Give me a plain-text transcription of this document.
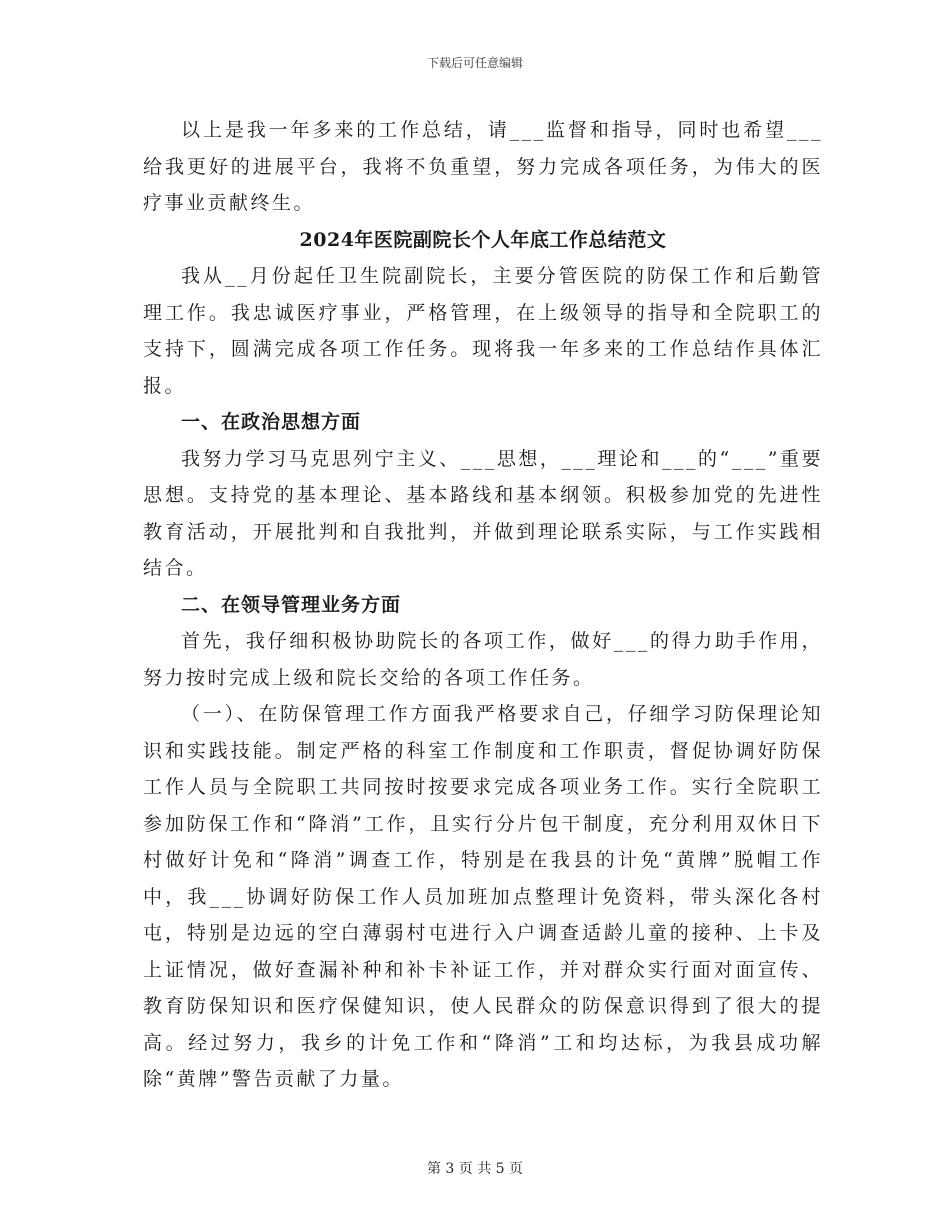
下载后可任意编辑

以上是我一年多来的工作总结，请___监督和指导，同时也希望___给我更好的进展平台，我将不负重望，努力完成各项任务，为伟大的医疗事业贡献终生。

2024年医院副院长个人年底工作总结范文

我从__月份起任卫生院副院长，主要分管医院的防保工作和后勤管理工作。我忠诚医疗事业，严格管理，在上级领导的指导和全院职工的支持下，圆满完成各项工作任务。现将我一年多来的工作总结作具体汇报。

一、在政治思想方面

我努力学习马克思列宁主义、___思想，___理论和___的“___”重要思想。支持党的基本理论、基本路线和基本纲领。积极参加党的先进性教育活动，开展批判和自我批判，并做到理论联系实际，与工作实践相结合。

二、在领导管理业务方面

首先，我仔细积极协助院长的各项工作，做好___的得力助手作用，努力按时完成上级和院长交给的各项工作任务。

（一）、在防保管理工作方面我严格要求自己，仔细学习防保理论知识和实践技能。制定严格的科室工作制度和工作职责，督促协调好防保工作人员与全院职工共同按时按要求完成各项业务工作。实行全院职工参加防保工作和“降消”工作，且实行分片包干制度，充分利用双休日下村做好计免和“降消”调查工作，特别是在我县的计免“黄牌”脱帽工作中，我___协调好防保工作人员加班加点整理计免资料，带头深化各村屯，特别是边远的空白薄弱村屯进行入户调查适龄儿童的接种、上卡及上证情况，做好查漏补种和补卡补证工作，并对群众实行面对面宣传、教育防保知识和医疗保健知识，使人民群众的防保意识得到了很大的提高。经过努力，我乡的计免工作和“降消”工和均达标，为我县成功解除“黄牌”警告贡献了力量。

第 3 页 共 5 页
